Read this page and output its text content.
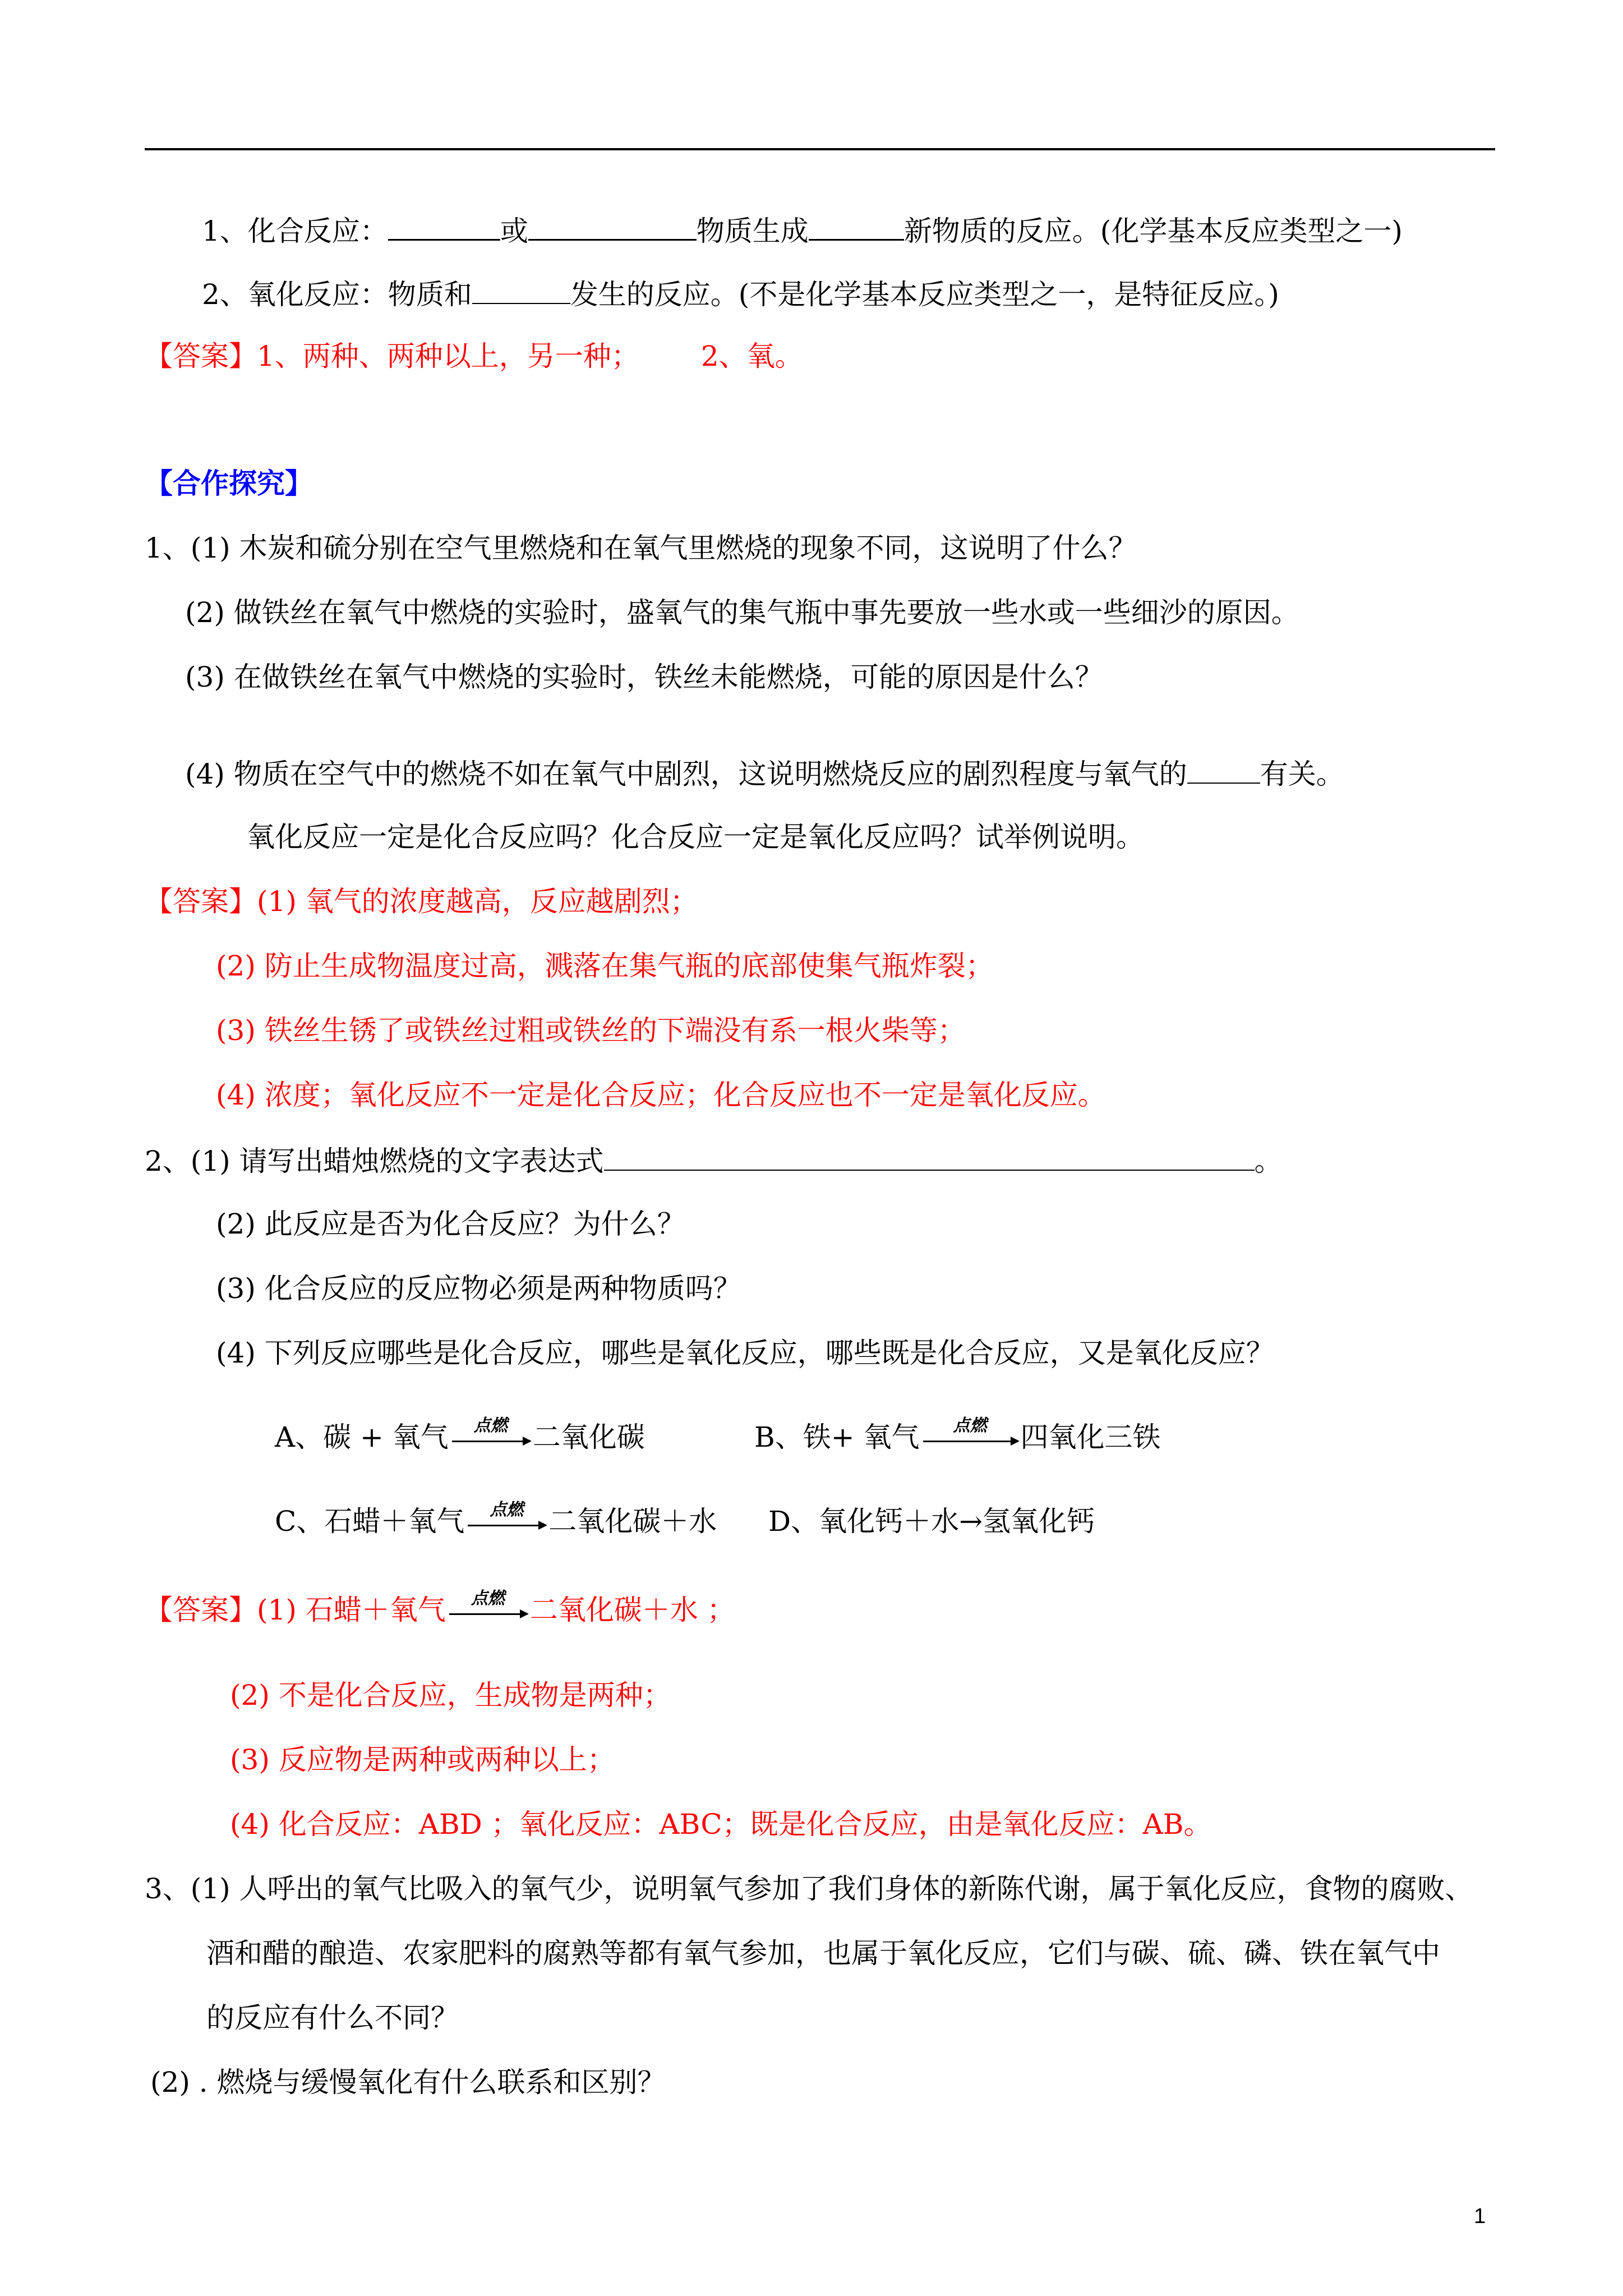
1、化合反应：	或	物质生成	新物质的反应。(化学基本反应类型之一)
2、氧化反应：物质和	发生的反应。(不是化学基本反应类型之一，是特征反应。)
【答案】1、两种、两种以上，另一种； 2、氧。
【合作探究】
1、(1) 木炭和硫分别在空气里燃烧和在氧气里燃烧的现象不同，这说明了什么？
(2) 做铁丝在氧气中燃烧的实验时，盛氧气的集气瓶中事先要放一些水或一些细沙的原因。
(3) 在做铁丝在氧气中燃烧的实验时，铁丝未能燃烧，可能的原因是什么？
(4) 物质在空气中的燃烧不如在氧气中剧烈，这说明燃烧反应的剧烈程度与氧气的	有关。
氧化反应一定是化合反应吗？化合反应一定是氧化反应吗？试举例说明。
【答案】(1) 氧气的浓度越高，反应越剧烈；
(2) 防止生成物温度过高，溅落在集气瓶的底部使集气瓶炸裂；
(3) 铁丝生锈了或铁丝过粗或铁丝的下端没有系一根火柴等；
(4) 浓度；氧化反应不一定是化合反应；化合反应也不一定是氧化反应。
2、(1) 请写出蜡烛燃烧的文字表达式	。
(2) 此反应是否为化合反应？为什么？
(3) 化合反应的反应物必须是两种物质吗？
(4) 下列反应哪些是化合反应，哪些是氧化反应，哪些既是化合反应，又是氧化反应？
A、碳 + 氧气	点燃 二氧化碳	B、铁+ 氧气	点燃	四氧化三铁
C、石蜡＋氧气	点燃 二氧化碳＋水 D、氧化钙＋水→氢氧化钙
【答案】(1) 石蜡＋氧气	点燃 二氧化碳＋水 ；
(2) 不是化合反应，生成物是两种；
(3) 反应物是两种或两种以上；
(4) 化合反应：ABD ；氧化反应：ABC；既是化合反应，由是氧化反应：AB。
3、(1) 人呼出的氧气比吸入的氧气少，说明氧气参加了我们身体的新陈代谢，属于氧化反应，食物的腐败、
酒和醋的酿造、农家肥料的腐熟等都有氧气参加，也属于氧化反应，它们与碳、硫、磷、铁在氧气中
的反应有什么不同？
(2) . 燃烧与缓慢氧化有什么联系和区别？
1
